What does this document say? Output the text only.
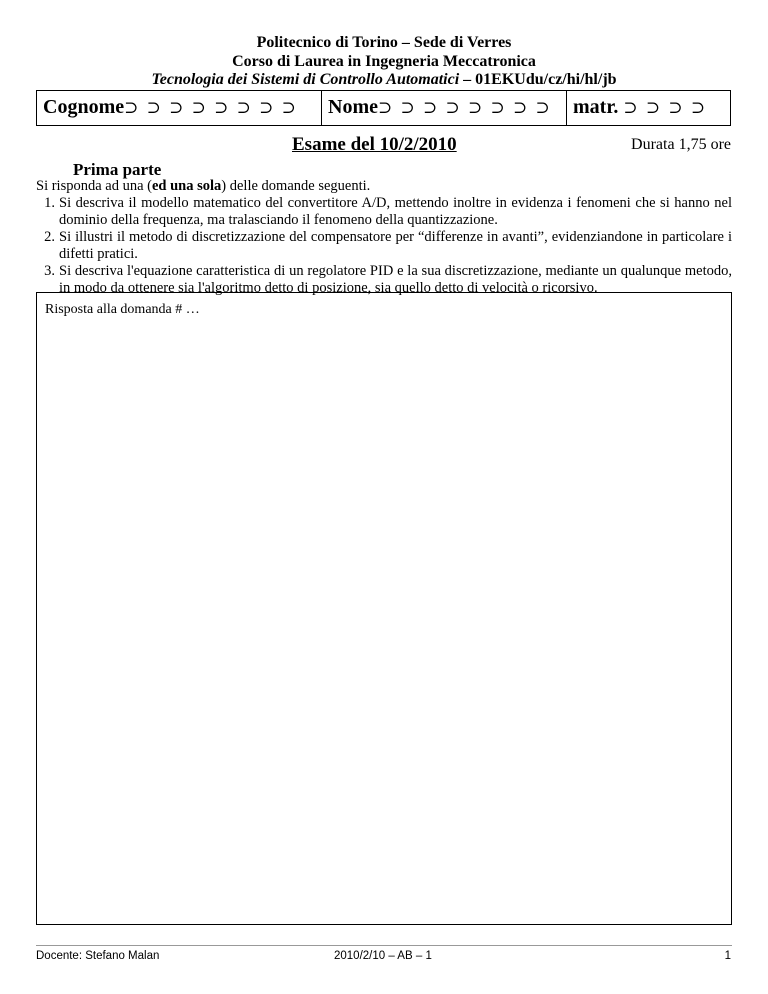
Politecnico di Torino – Sede di Verres
Corso di Laurea in Ingegneria Meccatronica
Tecnologia dei Sistemi di Controllo Automatici – 01EKUdu/cz/hi/hl/jb
Cognome⊃ ⊃ ⊃ ⊃ ⊃ ⊃ ⊃ ⊃	Nome⊃ ⊃ ⊃ ⊃ ⊃ ⊃ ⊃ ⊃	matr. ⊃ ⊃ ⊃ ⊃
Esame del 10/2/2010	Durata 1,75 ore
Prima parte
Si risponda ad una (ed una sola) delle domande seguenti.
1. Si descriva il modello matematico del convertitore A/D, mettendo inoltre in evidenza i fenomeni che si hanno nel dominio della frequenza, ma tralasciando il fenomeno della quantizzazione.
2. Si illustri il metodo di discretizzazione del compensatore per “differenze in avanti”, evidenziandone in particolare i difetti pratici.
3. Si descriva l'equazione caratteristica di un regolatore PID e la sua discretizzazione, mediante un qualunque metodo, in modo da ottenere sia l'algoritmo detto di posizione, sia quello detto di velocità o ricorsivo.
Risposta alla domanda # …
Docente: Stefano Malan	2010/2/10 – AB – 1	1
